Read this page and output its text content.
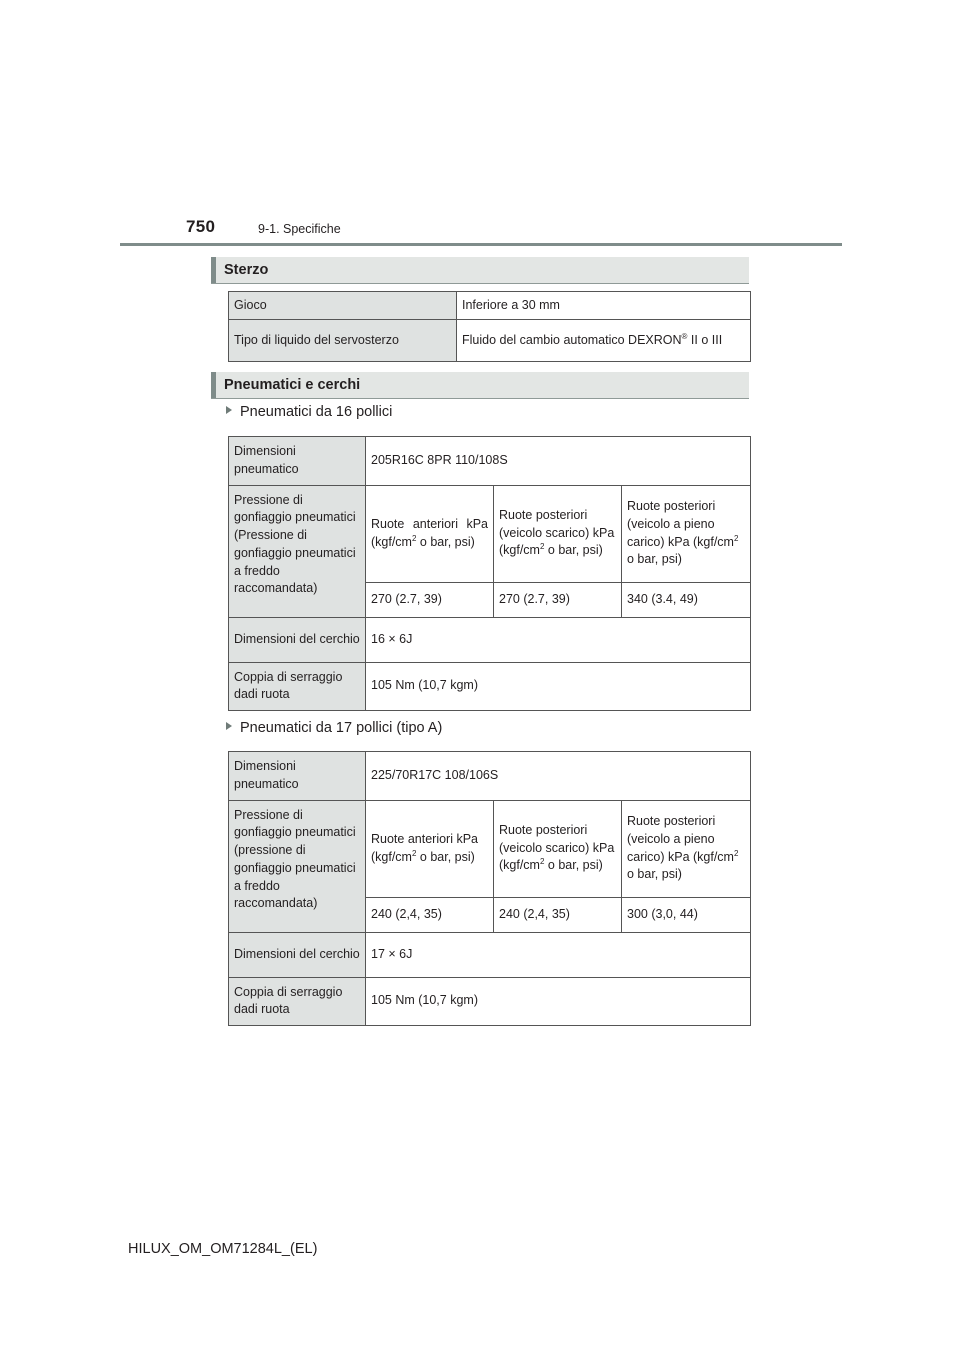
750	9-1. Specifiche
Sterzo
Gioco	Inferiore a 30 mm
Tipo di liquido del servosterzo	Fluido del cambio automatico DEXRON® II o III
Pneumatici e cerchi
Pneumatici da 16 pollici
Dimensioni pneumatico	205R16C 8PR 110/108S		
Pressione di gonfiaggio pneumatici (Pressione di gonfiaggio pneumatici a freddo raccomandata)	Ruote anteriori kPa ($kgf/cm^2$ o bar, psi)	Ruote posteriori (veicolo scarico) kPa ($kgf/cm^2$ o bar, psi)	Ruote posteriori (veicolo a pieno carico) kPa ($kgf/cm^2$ o bar, psi)
	270 (2.7, 39)	270 (2.7, 39)	340 (3.4, 49)
Dimensioni del cerchio	16 × 6J		
Coppia di serraggio dadi ruota	105 Nm (10,7 kgm)		
Pneumatici da 17 pollici (tipo A)
Dimensioni pneumatico	225/70R17C 108/106S		
Pressione di gonfiaggio pneumatici (pressione di gonfiaggio pneumatici a freddo raccomandata)	Ruote anteriori kPa ($kgf/cm^2$ o bar, psi)	Ruote posteriori (veicolo scarico) kPa ($kgf/cm^2$ o bar, psi)	Ruote posteriori (veicolo a pieno carico) kPa ($kgf/cm^2$ o bar, psi)
	240 (2,4, 35)	240 (2,4, 35)	300 (3,0, 44)
Dimensioni del cerchio	17 × 6J		
Coppia di serraggio dadi ruota	105 Nm (10,7 kgm)		
HILUX_OM_OM71284L_(EL)
